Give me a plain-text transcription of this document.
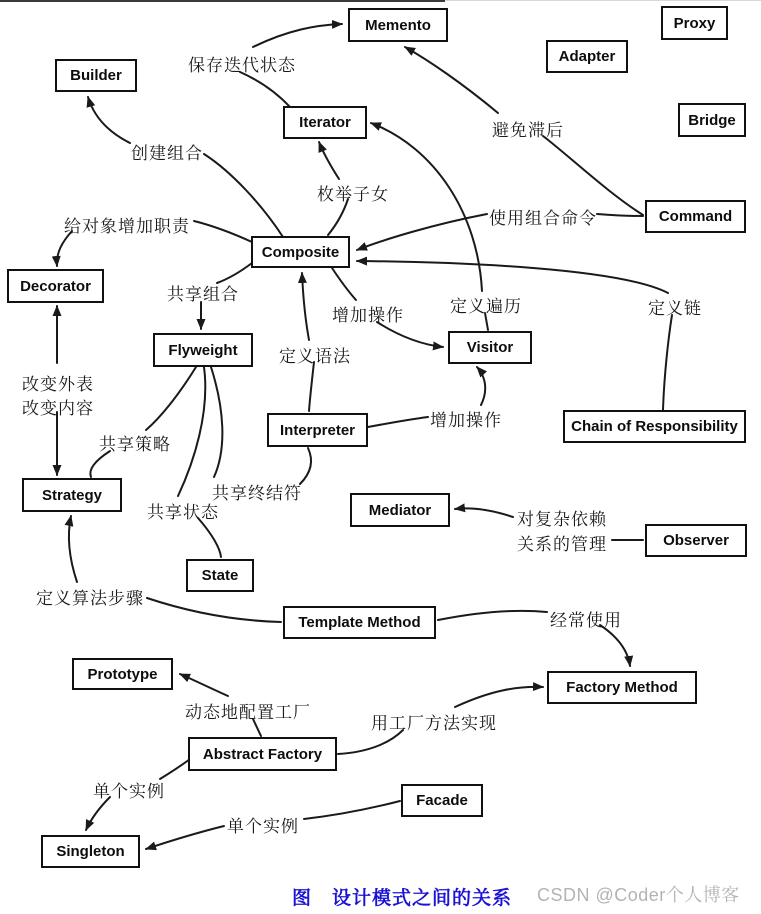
Memento	Proxy
Adapter
Builder
Iterator	Bridge
Command
Composite
Decorator
Flyweight	Visitor
Interpreter	Chain of Responsibility
Strategy
Mediator
Observer
State
Template Method
Prototype
Factory Method
Abstract Factory
Facade
Singleton
保存迭代状态
创建组合
避免滞后
枚举子女
使用组合命令
给对象增加职责
共享组合
增加操作	定义遍历	定义链
定义语法
改变外表
改变内容
增加操作
共享策略
共享终结符
共享状态	对复杂依赖
关系的管理
定义算法步骤
经常使用
动态地配置工厂
用工厂方法实现
单个实例
单个实例
图　设计模式之间的关系 CSDN @Coder个人博客
